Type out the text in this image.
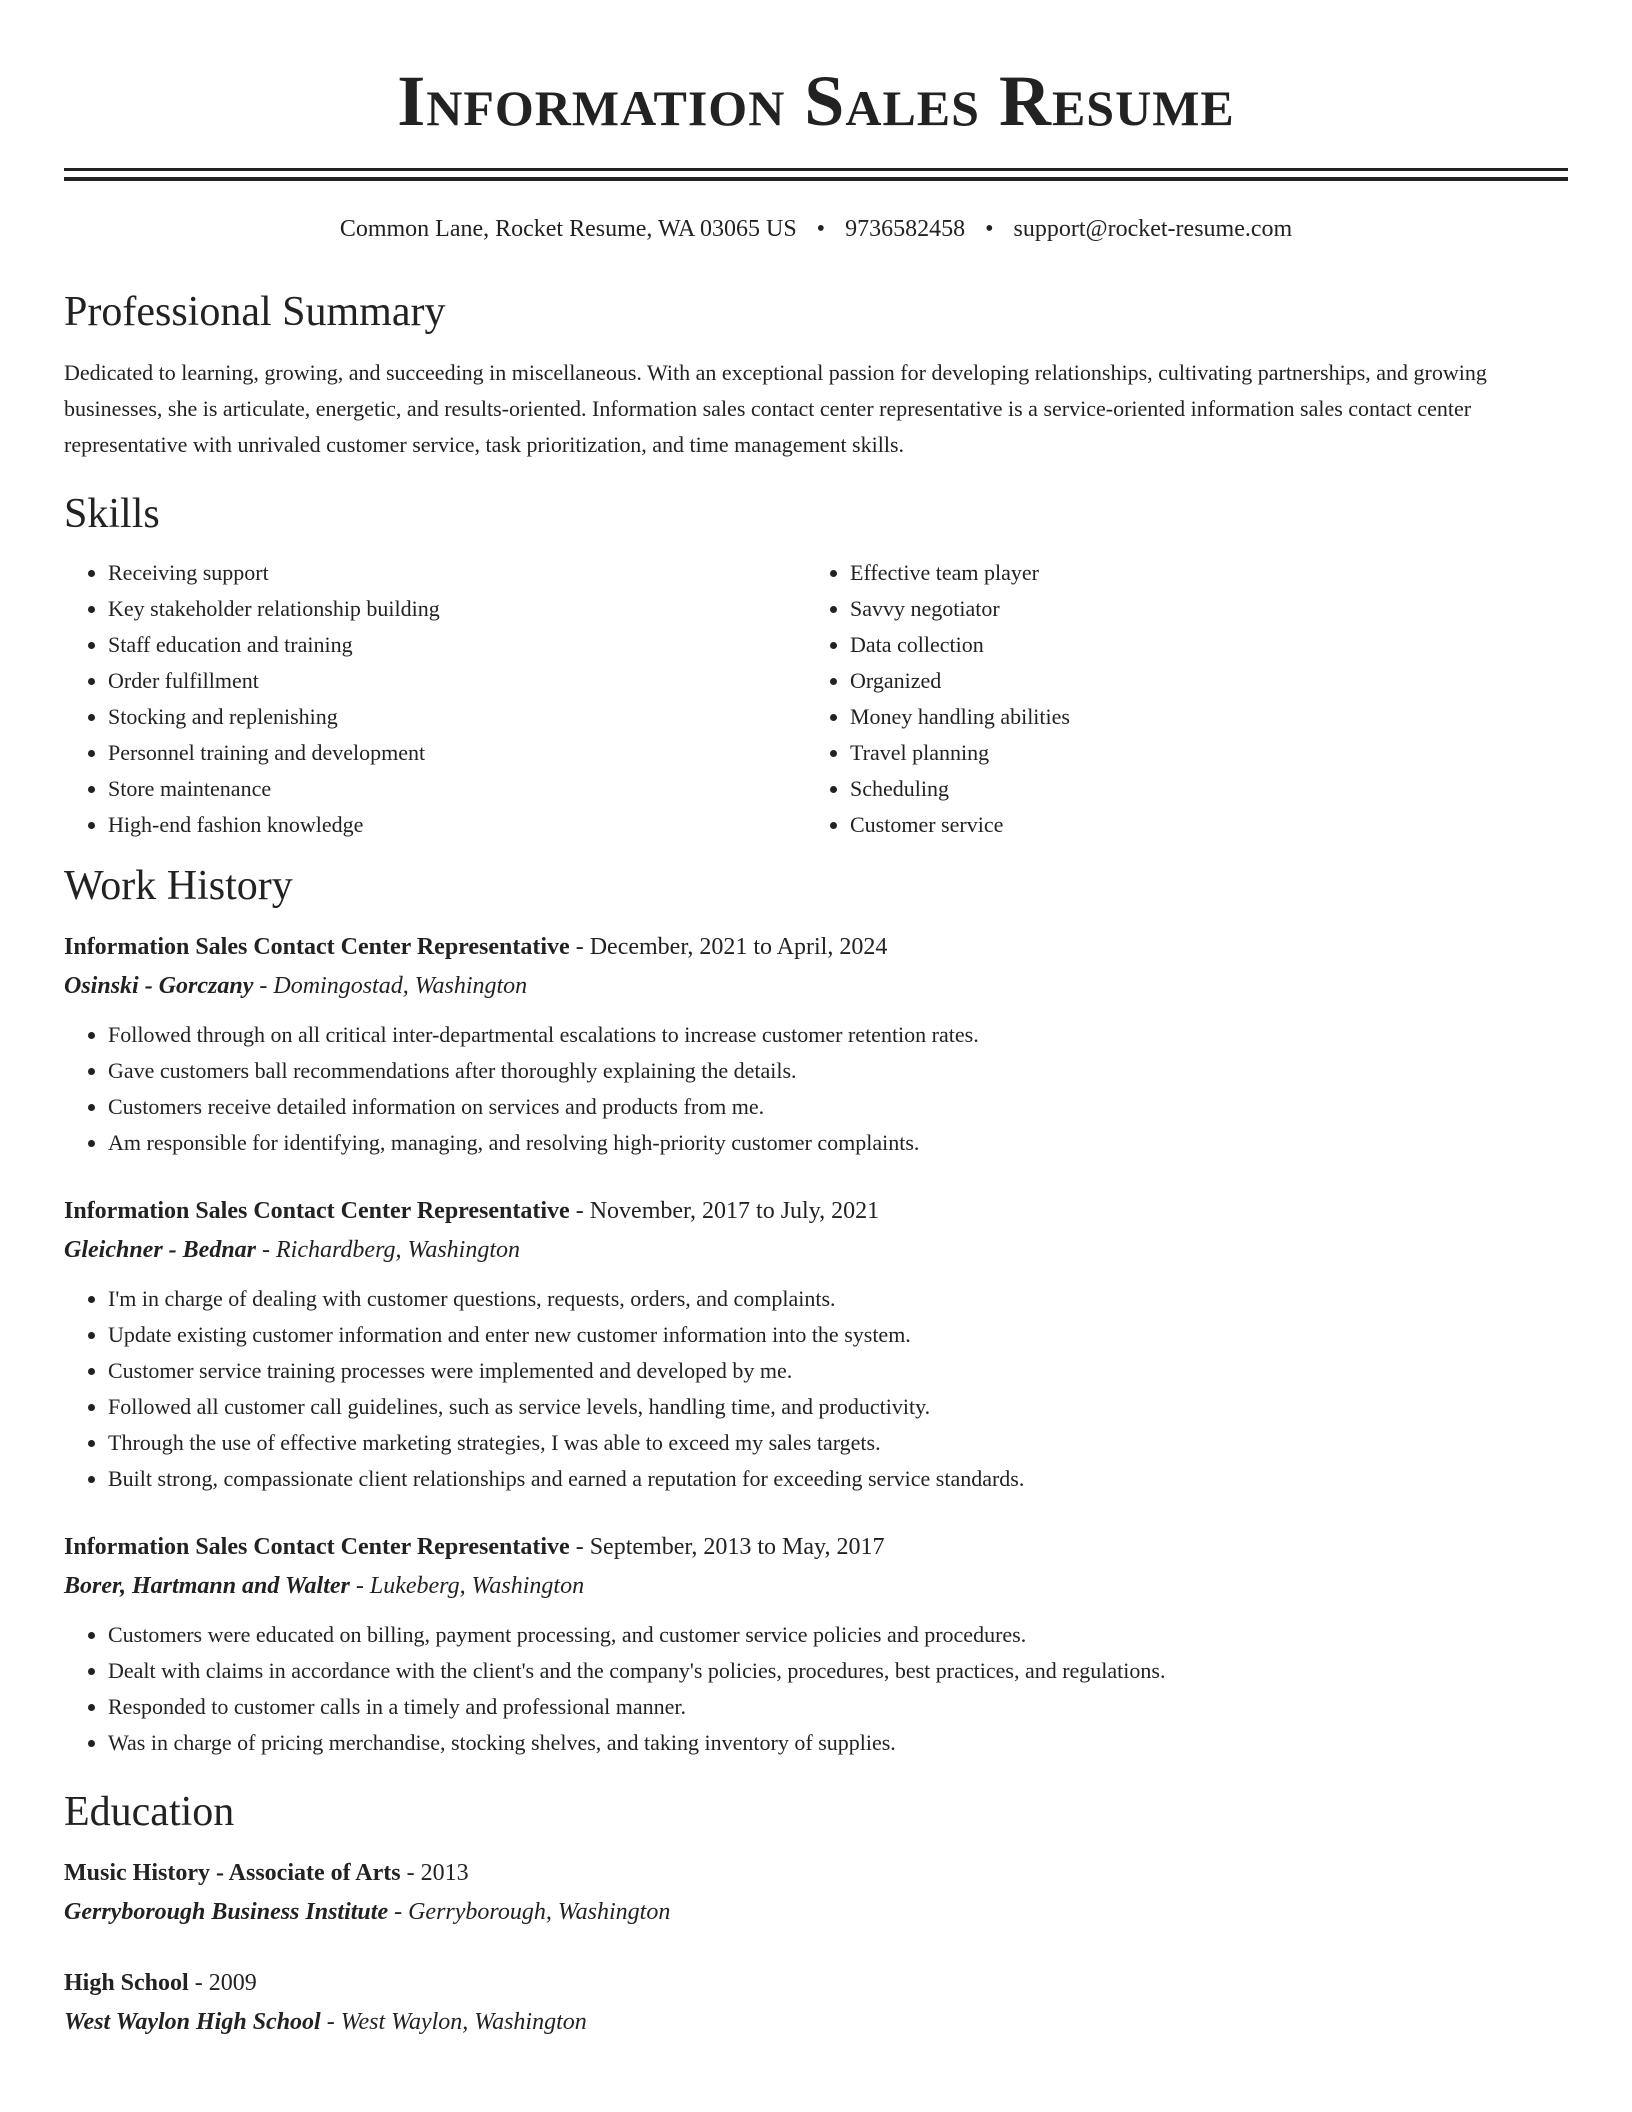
Information Sales Resume
Common Lane, Rocket Resume, WA 03065 US • 9736582458 • support@rocket-resume.com
Professional Summary

Dedicated to learning, growing, and succeeding in miscellaneous. With an exceptional passion for developing relationships, cultivating partnerships, and growing businesses, she is articulate, energetic, and results-oriented. Information sales contact center representative is a service-oriented information sales contact center representative with unrivaled customer service, task prioritization, and time management skills.

Skills
• Receiving support
• Key stakeholder relationship building
• Staff education and training
• Order fulfillment
• Stocking and replenishing
• Personnel training and development
• Store maintenance
• High-end fashion knowledge
• Effective team player
• Savvy negotiator
• Data collection
• Organized
• Money handling abilities
• Travel planning
• Scheduling
• Customer service
Work History
Information Sales Contact Center Representative - December, 2021 to April, 2024
Osinski - Gorczany - Domingostad, Washington
• Followed through on all critical inter-departmental escalations to increase customer retention rates.
• Gave customers ball recommendations after thoroughly explaining the details.
• Customers receive detailed information on services and products from me.
• Am responsible for identifying, managing, and resolving high-priority customer complaints.
Information Sales Contact Center Representative - November, 2017 to July, 2021
Gleichner - Bednar - Richardberg, Washington
• I'm in charge of dealing with customer questions, requests, orders, and complaints.
• Update existing customer information and enter new customer information into the system.
• Customer service training processes were implemented and developed by me.
• Followed all customer call guidelines, such as service levels, handling time, and productivity.
• Through the use of effective marketing strategies, I was able to exceed my sales targets.
• Built strong, compassionate client relationships and earned a reputation for exceeding service standards.
Information Sales Contact Center Representative - September, 2013 to May, 2017
Borer, Hartmann and Walter - Lukeberg, Washington
• Customers were educated on billing, payment processing, and customer service policies and procedures.
• Dealt with claims in accordance with the client's and the company's policies, procedures, best practices, and regulations.
• Responded to customer calls in a timely and professional manner.
• Was in charge of pricing merchandise, stocking shelves, and taking inventory of supplies.
Education
Music History - Associate of Arts - 2013
Gerryborough Business Institute - Gerryborough, Washington
High School - 2009
West Waylon High School - West Waylon, Washington
